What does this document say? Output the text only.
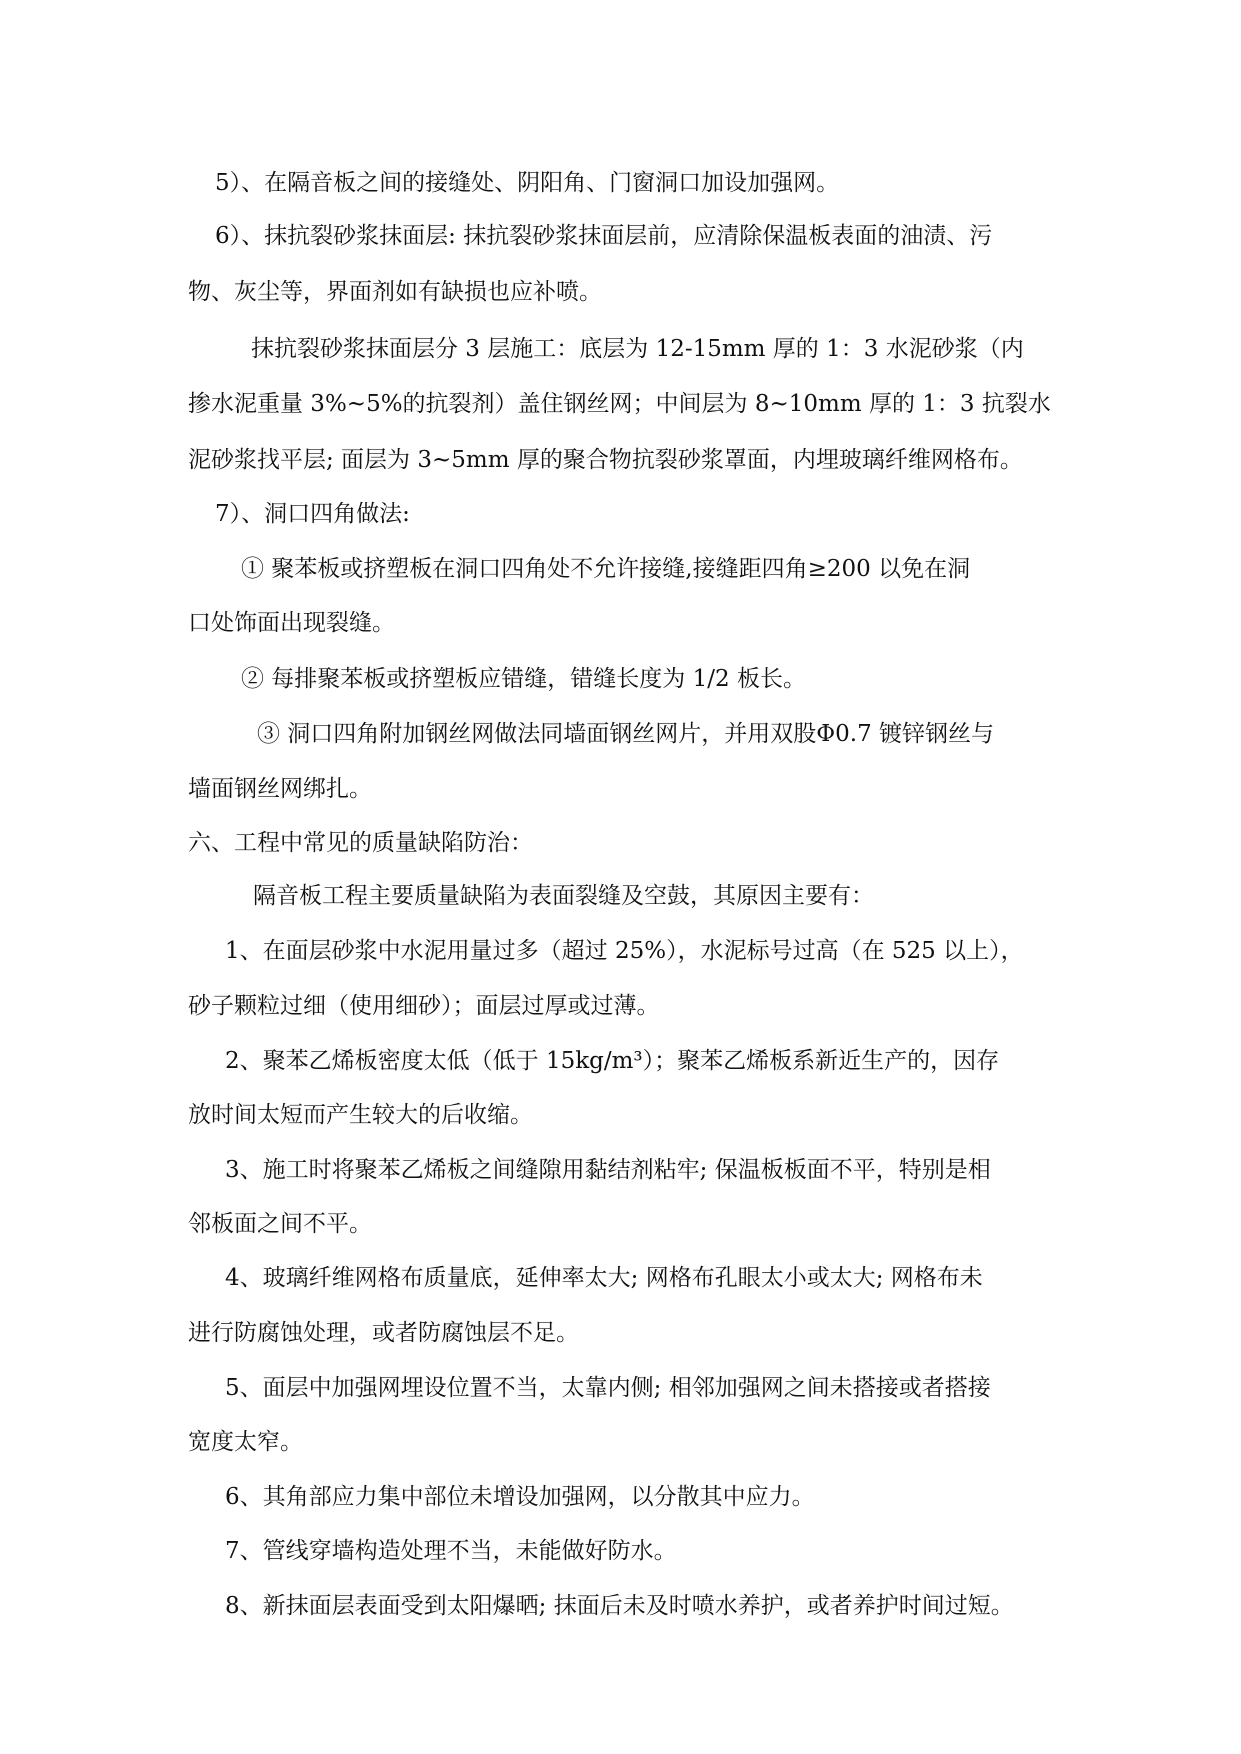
5）、在隔音板之间的接缝处、阴阳角、门窗洞口加设加强网。

6）、抹抗裂砂浆抹面层: 抹抗裂砂浆抹面层前，应清除保温板表面的油渍、污

物、灰尘等，界面剂如有缺损也应补喷。

抹抗裂砂浆抹面层分 3 层施工：底层为 12-15mm 厚的 1：3 水泥砂浆（内

掺水泥重量 3%~5%的抗裂剂）盖住钢丝网；中间层为 8~10mm 厚的 1：3 抗裂水

泥砂浆找平层; 面层为 3~5mm 厚的聚合物抗裂砂浆罩面，内埋玻璃纤维网格布。

7）、洞口四角做法:

① 聚苯板或挤塑板在洞口四角处不允许接缝,接缝距四角≥200 以免在洞

口处饰面出现裂缝。

② 每排聚苯板或挤塑板应错缝，错缝长度为 1/2 板长。

③ 洞口四角附加钢丝网做法同墙面钢丝网片，并用双股Φ0.7 镀锌钢丝与

墙面钢丝网绑扎。

六、工程中常见的质量缺陷防治：

隔音板工程主要质量缺陷为表面裂缝及空鼓，其原因主要有：

1、在面层砂浆中水泥用量过多（超过 25%），水泥标号过高（在 525 以上），

砂子颗粒过细（使用细砂）；面层过厚或过薄。

2、聚苯乙烯板密度太低（低于 15kg/m³）；聚苯乙烯板系新近生产的，因存

放时间太短而产生较大的后收缩。

3、施工时将聚苯乙烯板之间缝隙用黏结剂粘牢; 保温板板面不平，特别是相

邻板面之间不平。

4、玻璃纤维网格布质量底，延伸率太大; 网格布孔眼太小或太大; 网格布未

进行防腐蚀处理，或者防腐蚀层不足。

5、面层中加强网埋设位置不当，太靠内侧; 相邻加强网之间未搭接或者搭接

宽度太窄。

6、其角部应力集中部位未增设加强网，以分散其中应力。

7、管线穿墙构造处理不当，未能做好防水。

8、新抹面层表面受到太阳爆晒; 抹面后未及时喷水养护，或者养护时间过短。
